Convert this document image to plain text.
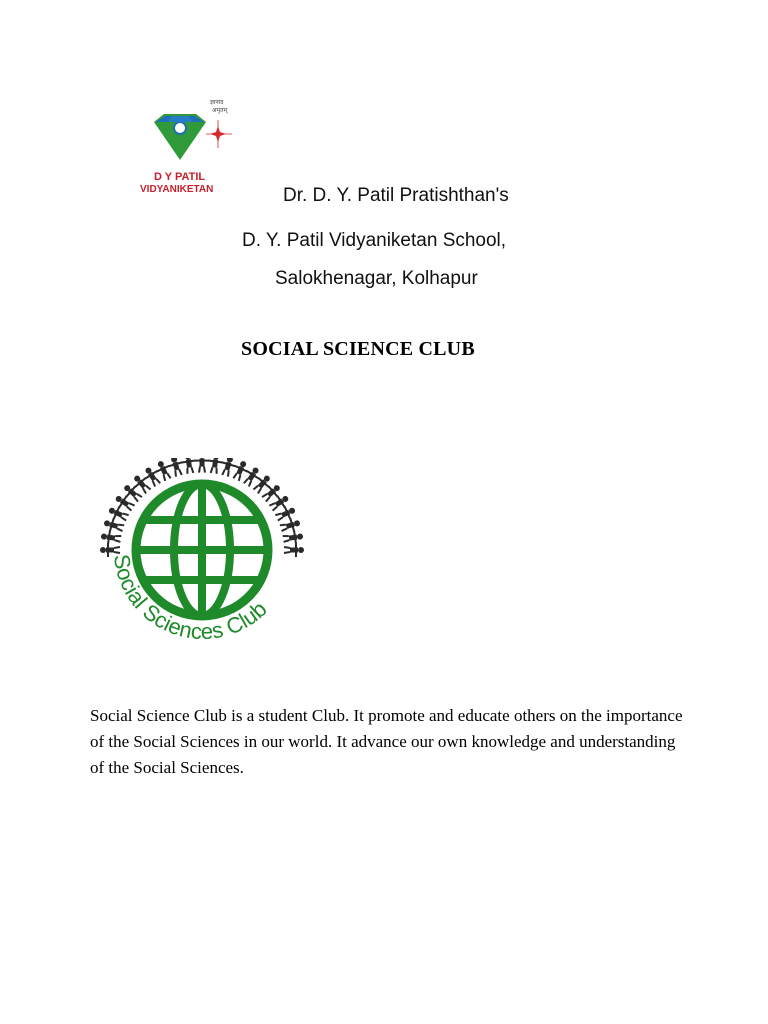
ज्ञानाद
अमृतम्
D Y PATIL
VIDYANIKETAN	Dr. D. Y. Patil Pratishthan's
D. Y. Patil Vidyaniketan School,
Salokhenagar, Kolhapur
SOCIAL SCIENCE CLUB
Social Sciences Club

Social Science Club is a student Club. It promote and educate others on the importance of the Social Sciences in our world. It advance our own knowledge and understanding of the Social Sciences.
